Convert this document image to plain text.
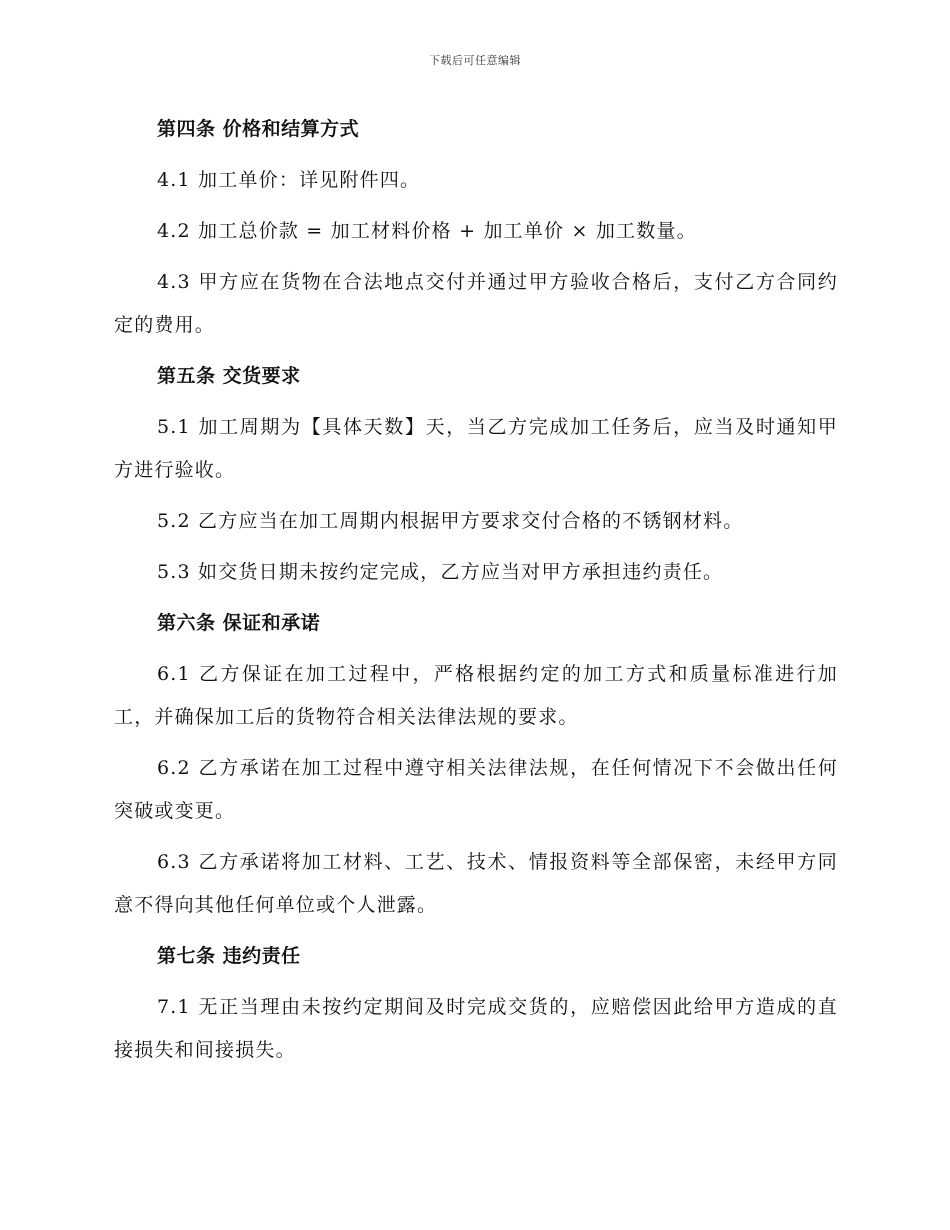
下载后可任意编辑
第四条 价格和结算方式
4.1 加工单价：详见附件四。
4.2 加工总价款 = 加工材料价格 + 加工单价 × 加工数量。
4.3 甲方应在货物在合法地点交付并通过甲方验收合格后，支付乙方合同约定的费用。
第五条 交货要求
5.1 加工周期为【具体天数】天，当乙方完成加工任务后，应当及时通知甲方进行验收。
5.2 乙方应当在加工周期内根据甲方要求交付合格的不锈钢材料。
5.3 如交货日期未按约定完成，乙方应当对甲方承担违约责任。
第六条 保证和承诺
6.1 乙方保证在加工过程中，严格根据约定的加工方式和质量标准进行加工，并确保加工后的货物符合相关法律法规的要求。
6.2 乙方承诺在加工过程中遵守相关法律法规，在任何情况下不会做出任何突破或变更。
6.3 乙方承诺将加工材料、工艺、技术、情报资料等全部保密，未经甲方同意不得向其他任何单位或个人泄露。
第七条 违约责任
7.1 无正当理由未按约定期间及时完成交货的，应赔偿因此给甲方造成的直接损失和间接损失。
